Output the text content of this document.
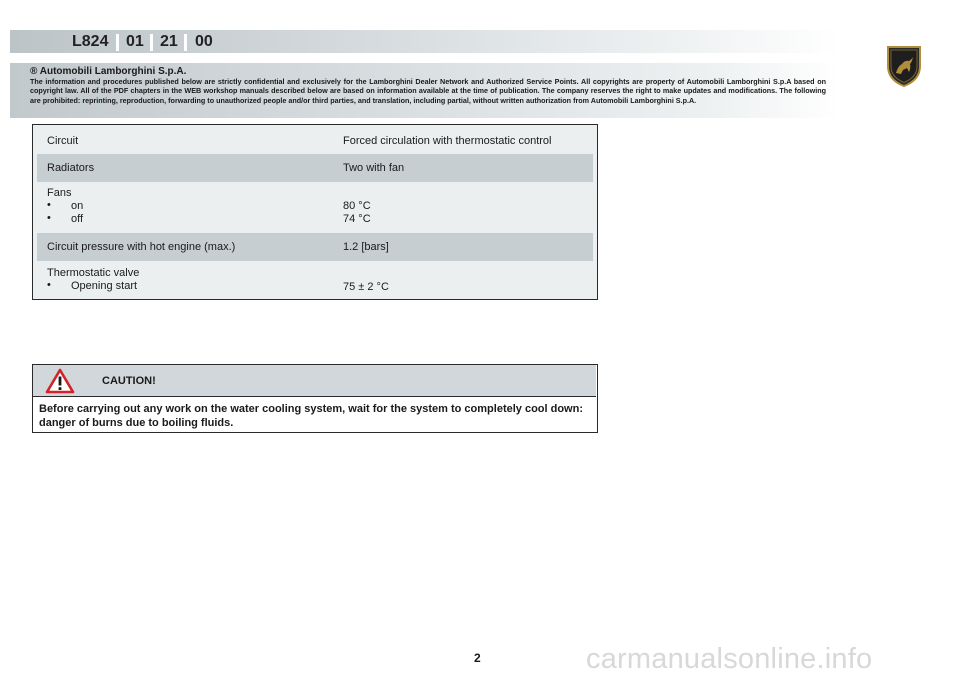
L824 01 21 00
® Automobili Lamborghini S.p.A.
The information and procedures published below are strictly confidential and exclusively for the Lamborghini Dealer Network and Authorized Service Points. All copyrights are property of Automobili Lamborghini S.p.A based on copyright law. All of the PDF chapters in the WEB workshop manuals described below are based on information available at the time of publication. The company reserves the right to make updates and modifications. The following are prohibited: reprinting, reproduction, forwarding to unauthorized people and/or third parties, and translation, including partial, without written authorization from Automobili Lamborghini S.p.A.
Circuit	Forced circulation with thermostatic control
Radiators	Two with fan
Fans
• on	80 °C
• off	74 °C
Circuit pressure with hot engine (max.)	1.2 [bars]
Thermostatic valve
• Opening start	75 ± 2 °C
CAUTION!
Before carrying out any work on the water cooling system, wait for the system to completely cool down: danger of burns due to boiling fluids.
2	carmanualsonline.info
